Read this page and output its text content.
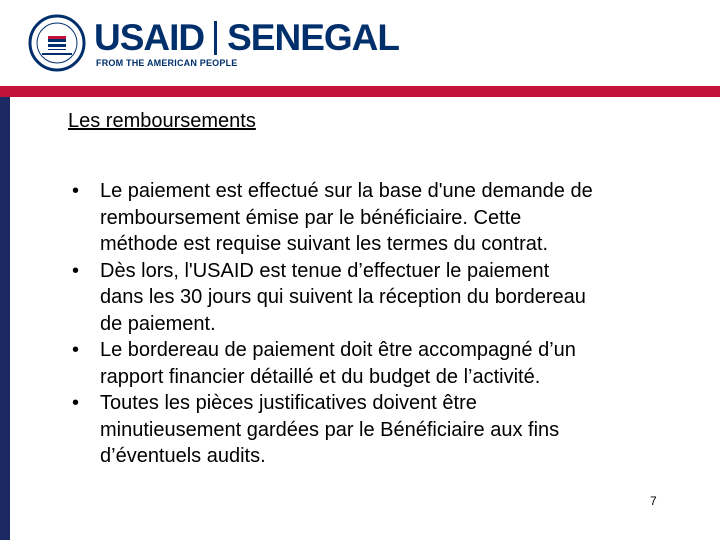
USAID SENEGAL
FROM THE AMERICAN PEOPLE
Les remboursements
• Le paiement est effectué sur la base d'une demande de
remboursement émise par le bénéficiaire. Cette
méthode est requise suivant les termes du contrat.
• Dès lors, l'USAID est tenue d’effectuer le paiement
dans les 30 jours qui suivent la réception du bordereau
de paiement.
• Le bordereau de paiement doit être accompagné d’un
rapport financier détaillé et du budget de l’activité.
• Toutes les pièces justificatives doivent être
minutieusement gardées par le Bénéficiaire aux fins
d’éventuels audits.
7
